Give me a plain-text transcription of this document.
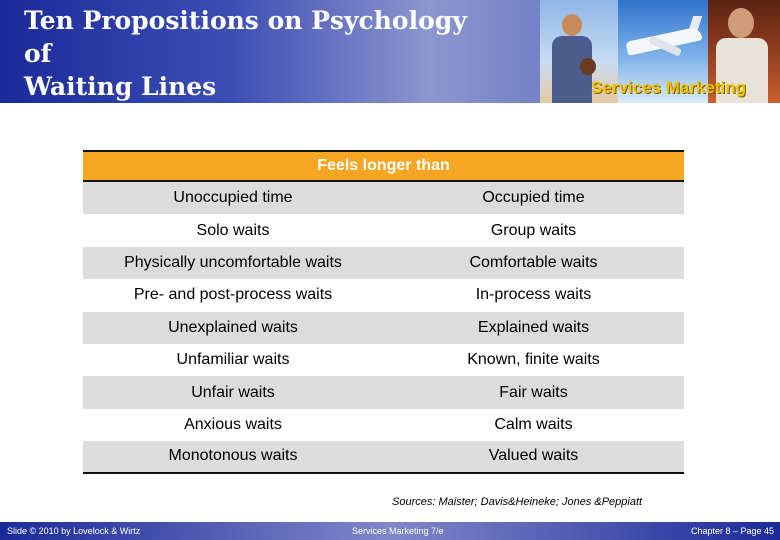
Ten Propositions on Psychology
of
Waiting Lines	Services Marketing
Feels longer than
Unoccupied time	Occupied time
Solo waits	Group waits
Physically uncomfortable waits	Comfortable waits
Pre- and post-process waits	In-process waits
Unexplained waits	Explained waits
Unfamiliar waits	Known, finite waits
Unfair waits	Fair waits
Anxious waits	Calm waits
Monotonous waits	Valued waits
Sources: Maister; Davis&Heineke; Jones &Peppiatt
Slide © 2010 by Lovelock & Wirtz	Services Marketing 7/e	Chapter 8 – Page 45
